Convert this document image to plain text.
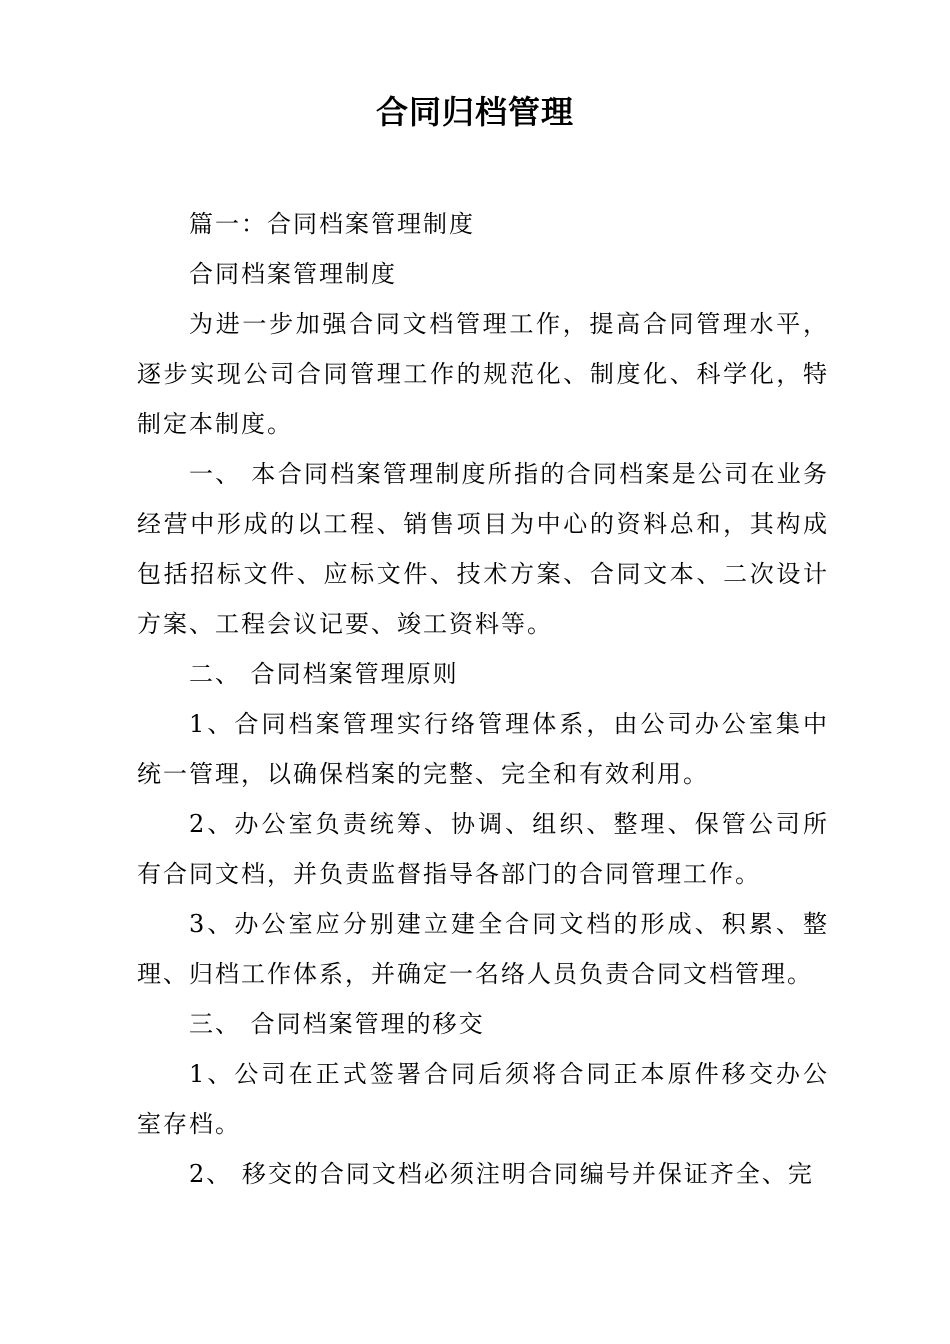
合同归档管理

篇一：合同档案管理制度

合同档案管理制度

为进一步加强合同文档管理工作，提高合同管理水平，逐步实现公司合同管理工作的规范化、制度化、科学化，特制定本制度。

一、 本合同档案管理制度所指的合同档案是公司在业务经营中形成的以工程、销售项目为中心的资料总和，其构成包括招标文件、应标文件、技术方案、合同文本、二次设计方案、工程会议记要、竣工资料等。

二、 合同档案管理原则

1、合同档案管理实行络管理体系，由公司办公室集中统一管理，以确保档案的完整、完全和有效利用。

2、办公室负责统筹、协调、组织、整理、保管公司所有合同文档，并负责监督指导各部门的合同管理工作。

3、办公室应分别建立建全合同文档的形成、积累、整理、归档工作体系，并确定一名络人员负责合同文档管理。

三、 合同档案管理的移交

1、公司在正式签署合同后须将合同正本原件移交办公室存档。

2、 移交的合同文档必须注明合同编号并保证齐全、完
